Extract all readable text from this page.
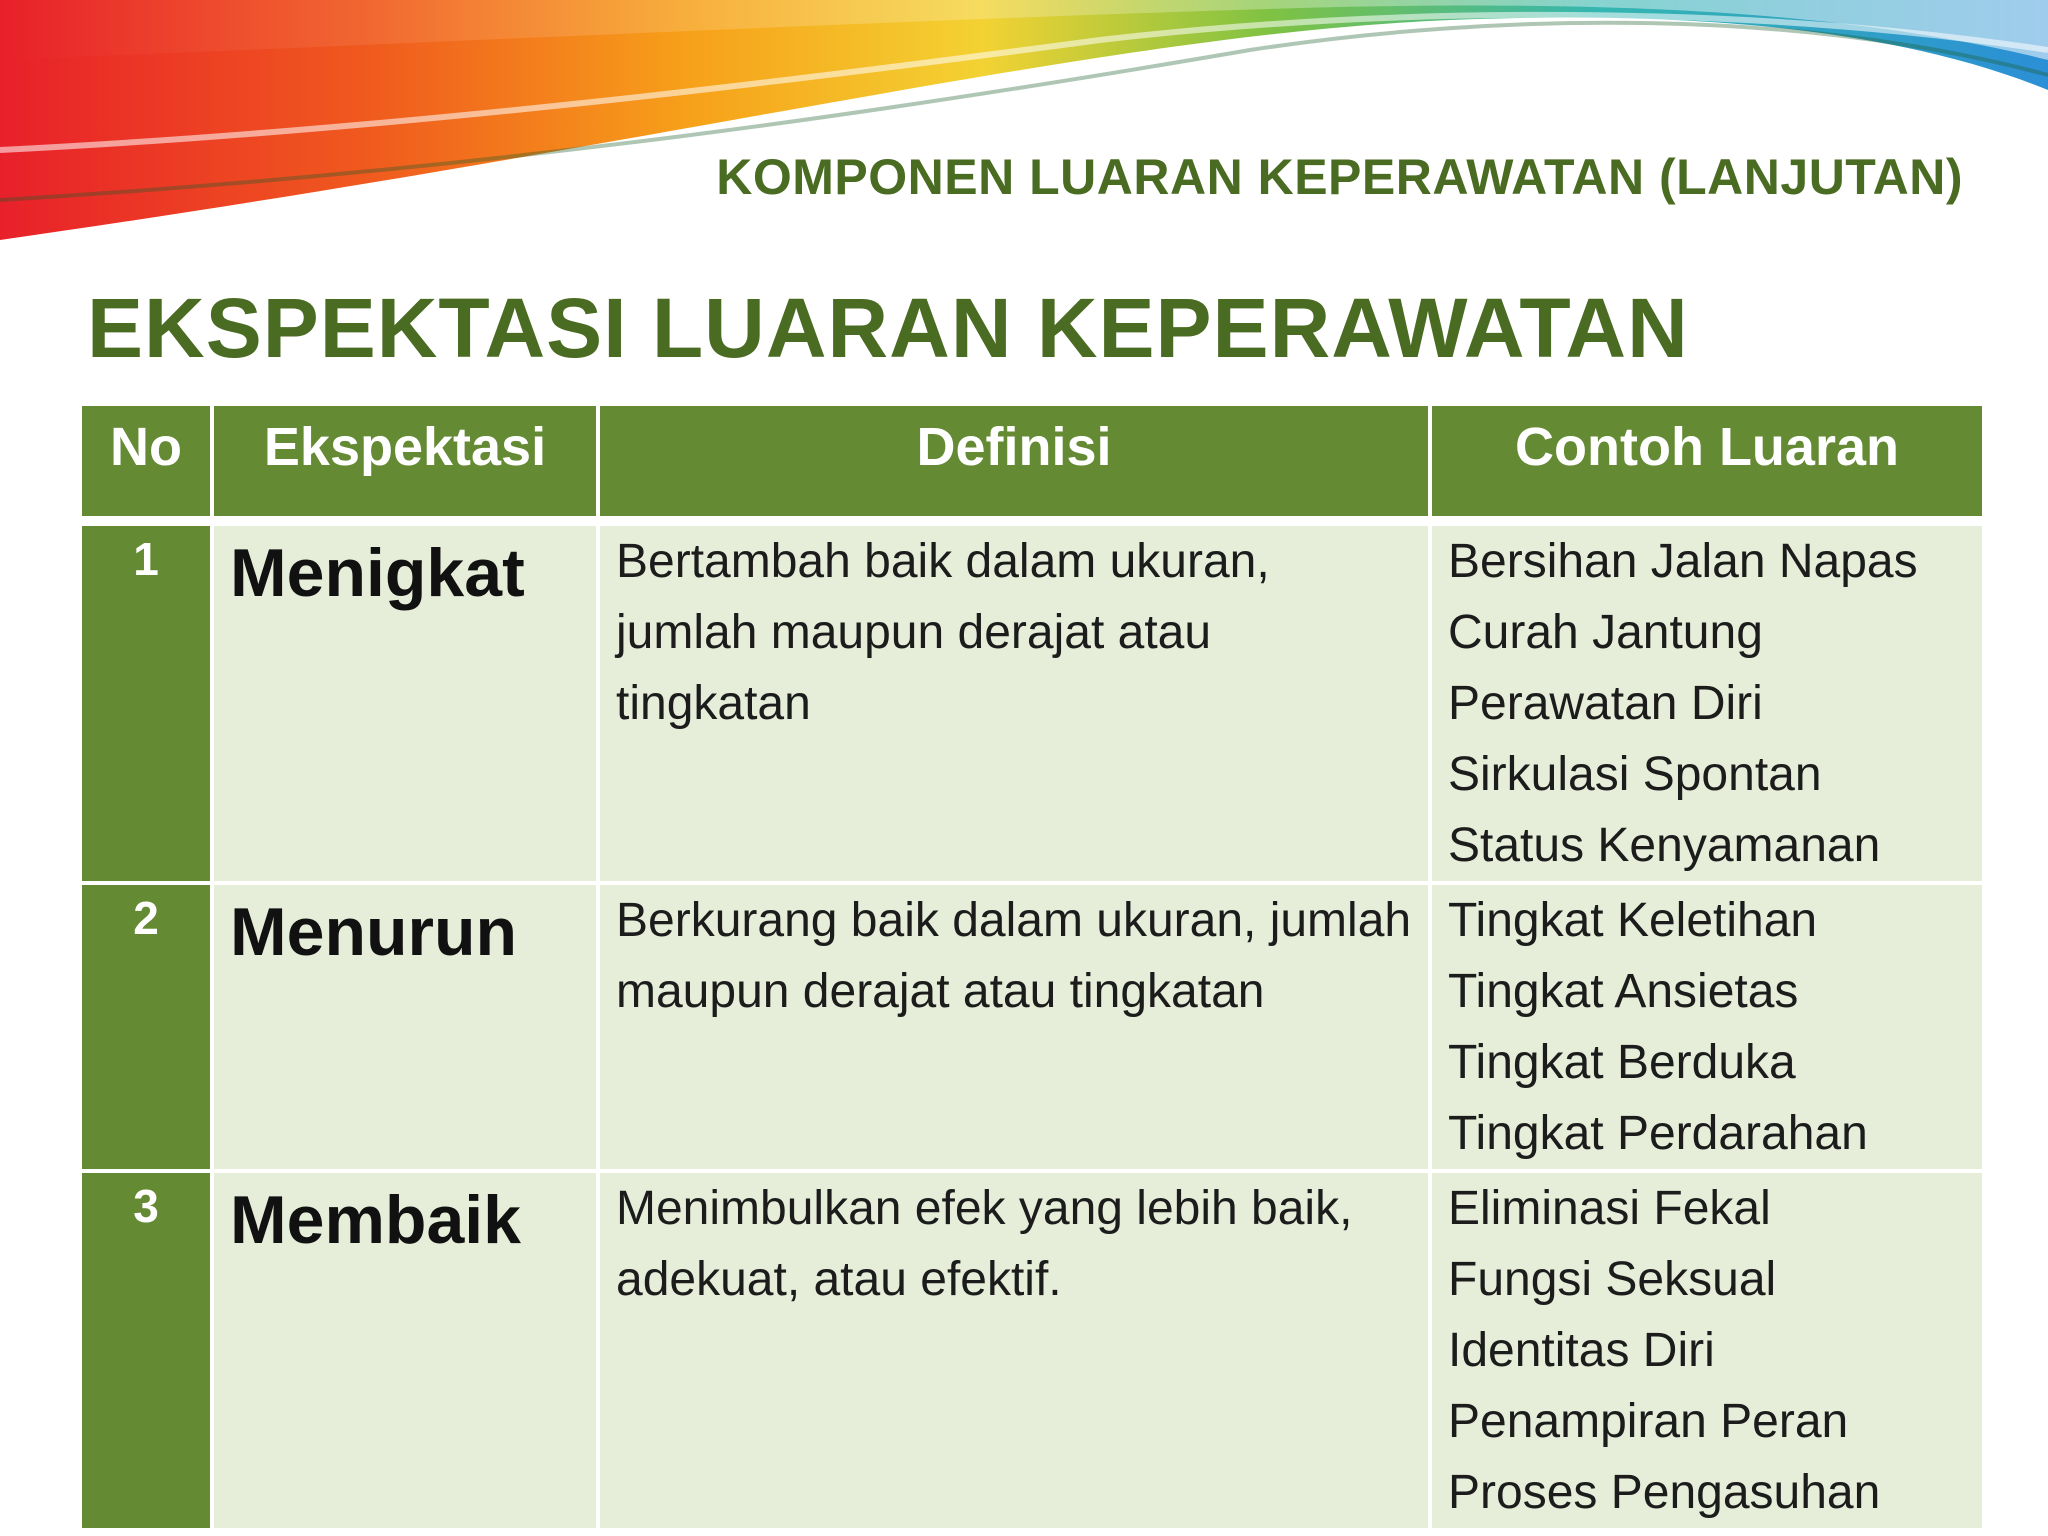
KOMPONEN LUARAN KEPERAWATAN (LANJUTAN)
EKSPEKTASI LUARAN KEPERAWATAN
No	Ekspektasi	Definisi	Contoh Luaran
1	Menigkat	Bertambah baik dalam ukuran, jumlah maupun derajat atau tingkatan	Bersihan Jalan Napas
Curah Jantung
Perawatan Diri
Sirkulasi Spontan
Status Kenyamanan

2	Menurun	Berkurang baik dalam ukuran, jumlah maupun derajat atau tingkatan	Tingkat Keletihan
Tingkat Ansietas
Tingkat Berduka
Tingkat Perdarahan

3	Membaik	Menimbulkan efek yang lebih baik, adekuat, atau efektif.	Eliminasi Fekal
Fungsi Seksual
Identitas Diri
Penampiran Peran
Proses Pengasuhan
